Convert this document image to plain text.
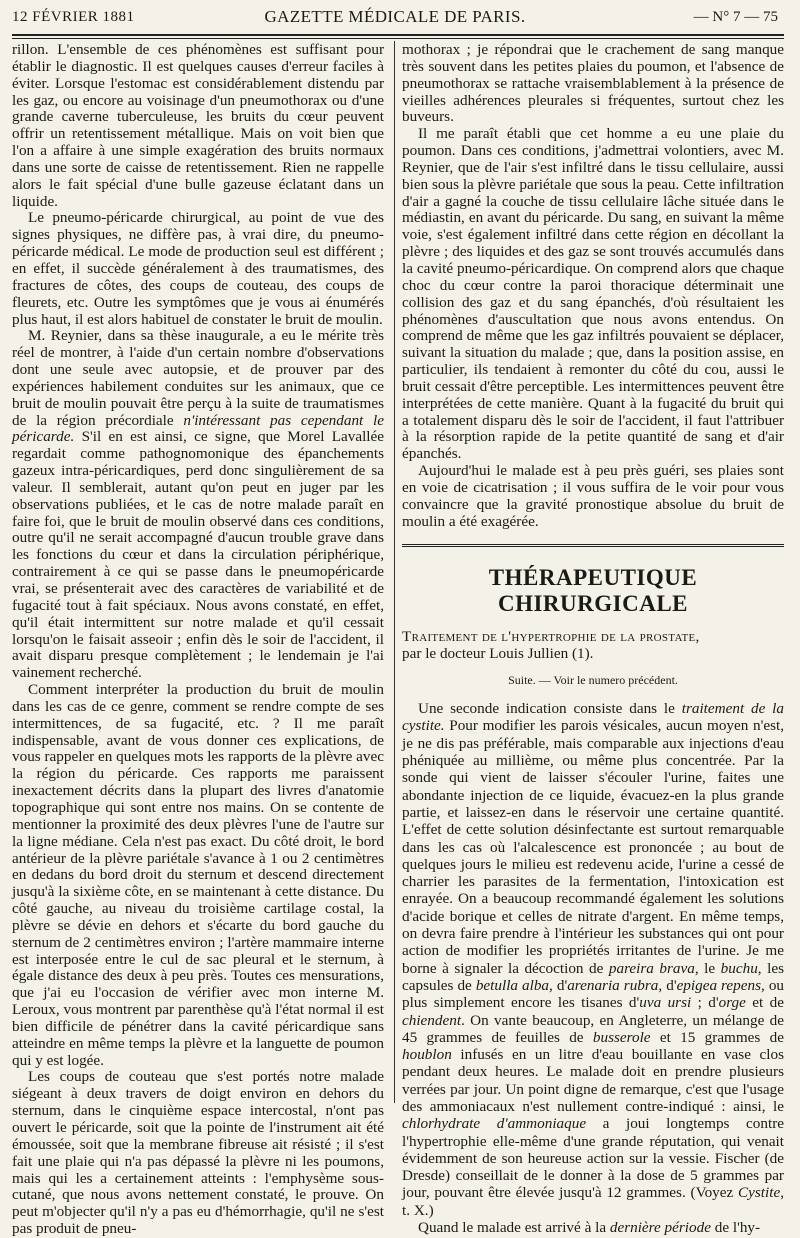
12 FÉVRIER 1881	GAZETTE MÉDICALE DE PARIS.	— N° 7 — 75

rillon. L'ensemble de ces phénomènes est suffisant pour établir le diagnostic. Il est quelques causes d'erreur faciles à éviter. Lorsque l'estomac est considérablement distendu par les gaz, ou encore au voisinage d'un pneumothorax ou d'une grande caverne tuberculeuse, les bruits du cœur peuvent offrir un retentissement métallique. Mais on voit bien que l'on a affaire à une simple exagération des bruits normaux dans une sorte de caisse de retentissement. Rien ne rappelle alors le fait spécial d'une bulle gazeuse éclatant dans un liquide.

Le pneumo-péricarde chirurgical, au point de vue des signes physiques, ne diffère pas, à vrai dire, du pneumo-péricarde médical. Le mode de production seul est différent ; en effet, il succède généralement à des traumatismes, des fractures de côtes, des coups de couteau, des coups de fleurets, etc. Outre les symptômes que je vous ai énumérés plus haut, il est alors habituel de constater le bruit de moulin.

M. Reynier, dans sa thèse inaugurale, a eu le mérite très réel de montrer, à l'aide d'un certain nombre d'observations dont une seule avec autopsie, et de prouver par des expériences habilement conduites sur les animaux, que ce bruit de moulin pouvait être perçu à la suite de traumatismes de la région précordiale n'intéressant pas cependant le péricarde. S'il en est ainsi, ce signe, que Morel Lavallée regardait comme pathognomonique des épanchements gazeux intra-péricardiques, perd donc singulièrement de sa valeur. Il semblerait, autant qu'on peut en juger par les observations publiées, et le cas de notre malade paraît en faire foi, que le bruit de moulin observé dans ces conditions, outre qu'il ne serait accompagné d'aucun trouble grave dans les fonctions du cœur et dans la circulation périphérique, contrairement à ce qui se passe dans le pneumopéricarde vrai, se présenterait avec des caractères de variabilité et de fugacité tout à fait spéciaux. Nous avons constaté, en effet, qu'il était intermittent sur notre malade et qu'il cessait lorsqu'on le faisait asseoir ; enfin dès le soir de l'accident, il avait disparu presque complètement ; le lendemain je l'ai vainement recherché.

Comment interpréter la production du bruit de moulin dans les cas de ce genre, comment se rendre compte de ses intermittences, de sa fugacité, etc. ? Il me paraît indispensable, avant de vous donner ces explications, de vous rappeler en quelques mots les rapports de la plèvre avec la région du péricarde. Ces rapports me paraissent inexactement décrits dans la plupart des livres d'anatomie topographique qui sont entre nos mains. On se contente de mentionner la proximité des deux plèvres l'une de l'autre sur la ligne médiane. Cela n'est pas exact. Du côté droit, le bord antérieur de la plèvre pariétale s'avance à 1 ou 2 centimètres en dedans du bord droit du sternum et descend directement jusqu'à la sixième côte, en se maintenant à cette distance. Du côté gauche, au niveau du troisième cartilage costal, la plèvre se dévie en dehors et s'écarte du bord gauche du sternum de 2 centimètres environ ; l'artère mammaire interne est interposée entre le cul de sac pleural et le sternum, à égale distance des deux à peu près. Toutes ces mensurations, que j'ai eu l'occasion de vérifier avec mon interne M. Leroux, vous montrent par parenthèse qu'à l'état normal il est bien difficile de pénétrer dans la cavité péricardique sans atteindre en même temps la plèvre et la languette de poumon qui y est logée.

Les coups de couteau que s'est portés notre malade siégeant à deux travers de doigt environ en dehors du sternum, dans le cinquième espace intercostal, n'ont pas ouvert le péricarde, soit que la pointe de l'instrument ait été émoussée, soit que la membrane fibreuse ait résisté ; il s'est fait une plaie qui n'a pas dépassé la plèvre ni les poumons, mais qui les a certainement atteints : l'emphysème sous-cutané, que nous avons nettement constaté, le prouve. On peut m'objecter qu'il n'y a pas eu d'hémorrhagie, qu'il ne s'est pas produit de pneu-

mothorax ; je répondrai que le crachement de sang manque très souvent dans les petites plaies du poumon, et l'absence de pneumothorax se rattache vraisemblablement à la présence de vieilles adhérences pleurales si fréquentes, surtout chez les buveurs.

Il me paraît établi que cet homme a eu une plaie du poumon. Dans ces conditions, j'admettrai volontiers, avec M. Reynier, que de l'air s'est infiltré dans le tissu cellulaire, aussi bien sous la plèvre pariétale que sous la peau. Cette infiltration d'air a gagné la couche de tissu cellulaire lâche située dans le médiastin, en avant du péricarde. Du sang, en suivant la même voie, s'est également infiltré dans cette région en décollant la plèvre ; des liquides et des gaz se sont trouvés accumulés dans la cavité pneumo-péricardique. On comprend alors que chaque choc du cœur contre la paroi thoracique déterminait une collision des gaz et du sang épanchés, d'où résultaient les phénomènes d'auscultation que nous avons entendus. On comprend de même que les gaz infiltrés pouvaient se déplacer, suivant la situation du malade ; que, dans la position assise, en particulier, ils tendaient à remonter du côté du cou, aussi le bruit cessait d'être perceptible. Les intermittences peuvent être interprétées de cette manière. Quant à la fugacité du bruit qui a totalement disparu dès le soir de l'accident, il faut l'attribuer à la résorption rapide de la petite quantité de sang et d'air épanchés.

Aujourd'hui le malade est à peu près guéri, ses plaies sont en voie de cicatrisation ; il vous suffira de le voir pour vous convaincre que la gravité pronostique absolue du bruit de moulin a été exagérée.

THÉRAPEUTIQUE CHIRURGICALE

Traitement de l'hypertrophie de la prostate,

par le docteur Louis Jullien (1).

Suite. — Voir le numero précédent.

Une seconde indication consiste dans le traitement de la cystite. Pour modifier les parois vésicales, aucun moyen n'est, je ne dis pas préférable, mais comparable aux injections d'eau phéniquée au millième, ou même plus concentrée. Par la sonde qui vient de laisser s'écouler l'urine, faites une abondante injection de ce liquide, évacuez-en la plus grande partie, et laissez-en dans le réservoir une certaine quantité. L'effet de cette solution désinfectante est surtout remarquable dans les cas où l'alcalescence est prononcée ; au bout de quelques jours le milieu est redevenu acide, l'urine a cessé de charrier les parasites de la fermentation, l'intoxication est enrayée. On a beaucoup recommandé également les solutions d'acide borique et celles de nitrate d'argent. En même temps, on devra faire prendre à l'intérieur les substances qui ont pour action de modifier les propriétés irritantes de l'urine. Je me borne à signaler la décoction de pareira brava, le buchu, les capsules de betulla alba, d'arenaria rubra, d'epigea repens, ou plus simplement encore les tisanes d'uva ursi ; d'orge et de chiendent. On vante beaucoup, en Angleterre, un mélange de 45 grammes de feuilles de busserole et 15 grammes de houblon infusés en un litre d'eau bouillante en vase clos pendant deux heures. Le malade doit en prendre plusieurs verrées par jour. Un point digne de remarque, c'est que l'usage des ammoniacaux n'est nullement contre-indiqué : ainsi, le chlorhydrate d'ammoniaque a joui longtemps contre l'hypertrophie elle-même d'une grande réputation, qui venait évidemment de son heureuse action sur la vessie. Fischer (de Dresde) conseillait de le donner à la dose de 5 grammes par jour, pouvant être élevée jusqu'à 12 grammes. (Voyez Cystite, t. X.)

Quand le malade est arrivé à la dernière période de l'hy-
